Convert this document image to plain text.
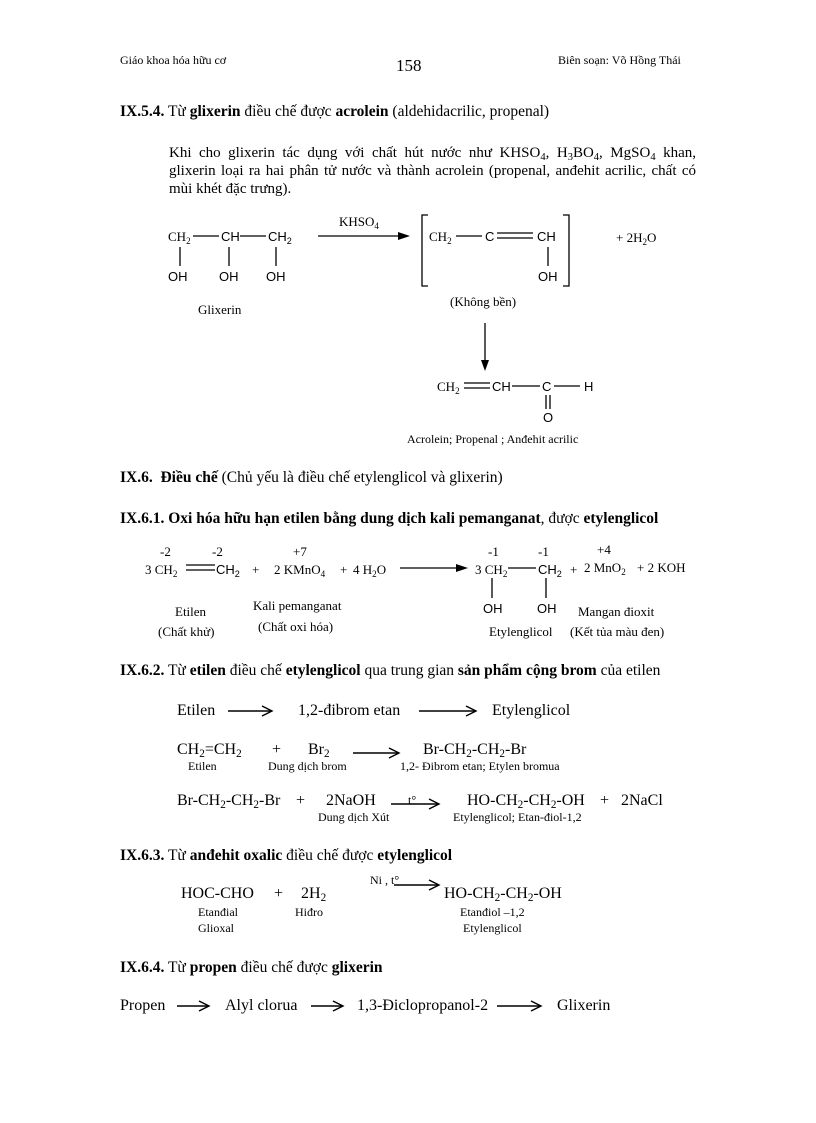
Giáo khoa hóa hữu cơ	158	Biên soạn: Võ Hồng Thái
IX.5.4. Từ glixerin điều chế được acrolein (aldehidacrilic, propenal)
Khi cho glixerin tác dụng với chất hút nước như $KHSO_4$, $H_3BO_4$, MgSO$_4$ khan, glixerin loại ra hai phân tử nước và thành acrolein (propenal, anđehit acrilic, chất có mùi khét đặc trưng).
$CH_2$ CH $CH_2$
OH OH OH
Glixerin
$KHSO_4$
$CH_2$	C	CH
OH
(Không bền)
+ $2H_2O$
$CH_2$ CH C	H
O
Acrolein; Propenal ; Anđehit acrilic
IX.6. Điều chế (Chủ yếu là điều chế etylenglicol và glixerin)
IX.6.1. Oxi hóa hữu hạn etilen bằng dung dịch kali pemanganat, được etylenglicol
-2	-2	+7	-1	-1	+4
3 $CH_2$	$CH_2 + 2$ KMnO$_4$ + 4 $H_2O$	3 $CH_2$ $CH_2 + 2$ MnO$_2$ + 2 KOH
OH	OH
Etilen
(Chất khử)
Kali pemanganat
(Chất oxi hóa)	Etylenglicol
Mangan đioxit
(Kết tủa màu đen)
IX.6.2. Từ etilen điều chế etylenglicol qua trung gian sản phẩm cộng brom của etilen
Etilen	1,2-đibrom etan	Etylenglicol
$CH_2=CH_2 + Br_2$	$Br-CH_2-CH_2-Br$
Etilen	Dung dịch brom	1,2- Đibrom etan; Etylen bromua
$Br-CH_2-CH_2-Br$ + 2NaOH	t°	$HO-CH_2-CH_2-OH$ + 2NaCl
Dung dịch Xút	Etylenglicol; Etan-điol-1,2
IX.6.3. Từ anđehit oxalic điều chế được etylenglicol
$HOC-CHO + 2H_2$
Ni , t°
$HO-CH_2-CH_2-OH$
Etanđial
Glioxal
Hiđro	Etanđiol –1,2
Etylenglicol
IX.6.4. Từ propen điều chế được glixerin
Propen	Alyl clorua	1,3-Điclopropanol-2	Glixerin
